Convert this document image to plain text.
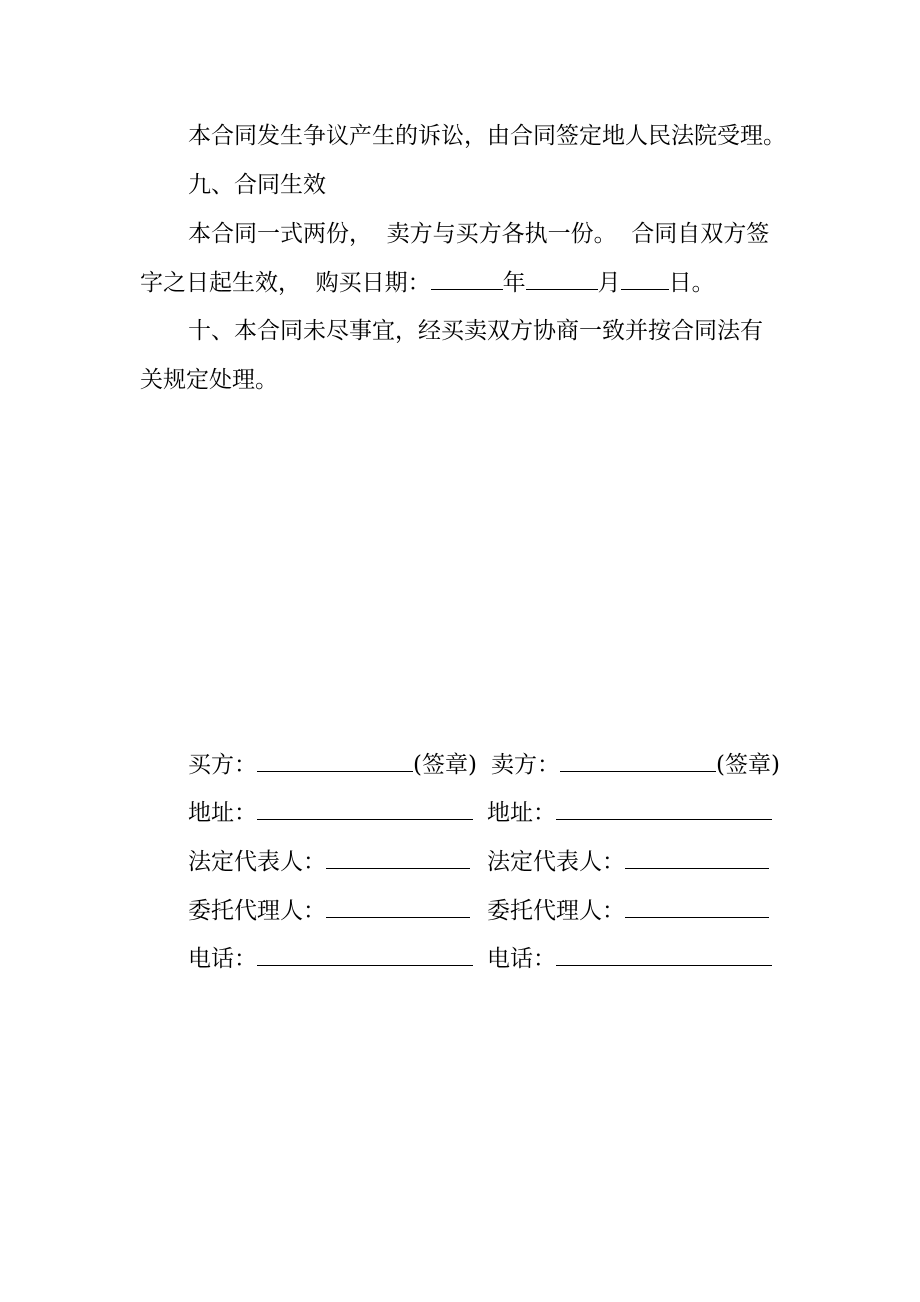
本合同发生争议产生的诉讼，由合同签定地人民法院受理。
九、合同生效
本合同一式两份，  卖方与买方各执一份。  合同自双方签
字之日起生效，  购买日期：	年	月 日。
十、本合同未尽事宜，经买卖双方协商一致并按合同法有
关规定处理。
买方：	(签章) 卖方：	(签章)
地址：	地址：
法定代表人：	法定代表人：
委托代理人：	委托代理人：
电话：	电话：
